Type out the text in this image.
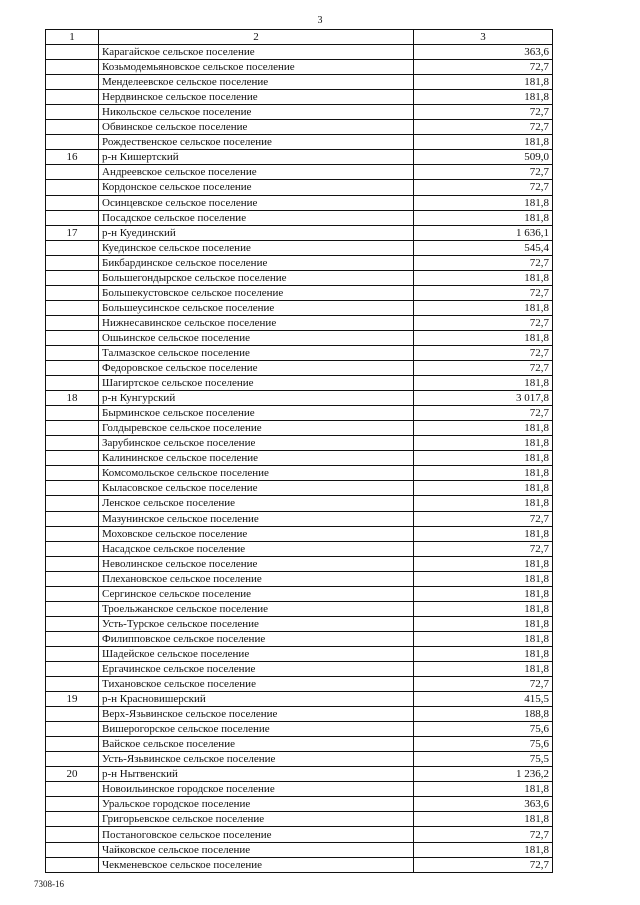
3
1	2	3
	Карагайское сельское поселение	363,6
	Козьмодемьяновское сельское поселение	72,7
	Менделеевское сельское поселение	181,8
	Нердвинское сельское поселение	181,8
	Никольское сельское поселение	72,7
	Обвинское сельское поселение	72,7
	Рождественское сельское поселение	181,8
16	р-н Кишертский	509,0
	Андреевское сельское поселение	72,7
	Кордонское сельское поселение	72,7
	Осинцевское сельское поселение	181,8
	Посадское сельское поселение	181,8
17	р-н Куединский	1 636,1
	Куединское сельское поселение	545,4
	Бикбардинское сельское поселение	72,7
	Большегондырское сельское поселение	181,8
	Большекустовское сельское поселение	72,7
	Большеусинское сельское поселение	181,8
	Нижнесавинское сельское поселение	72,7
	Ошьинское сельское поселение	181,8
	Талмазское сельское поселение	72,7
	Федоровское сельское поселение	72,7
	Шагиртское сельское поселение	181,8
18	р-н Кунгурский	3 017,8
	Бырминское сельское поселение	72,7
	Голдыревское сельское поселение	181,8
	Зарубинское сельское поселение	181,8
	Калининское сельское поселение	181,8
	Комсомольское сельское поселение	181,8
	Кыласовское сельское поселение	181,8
	Ленское сельское поселение	181,8
	Мазунинское сельское поселение	72,7
	Моховское сельское поселение	181,8
	Насадское сельское поселение	72,7
	Неволинское сельское поселение	181,8
	Плехановское сельское поселение	181,8
	Сергинское сельское поселение	181,8
	Троельжанское сельское поселение	181,8
	Усть-Турское сельское поселение	181,8
	Филипповское сельское поселение	181,8
	Шадейское сельское поселение	181,8
	Ергачинское сельское поселение	181,8
	Тихановское сельское поселение	72,7
19	р-н Красновишерский	415,5
	Верх-Язьвинское сельское поселение	188,8
	Вишерогорское сельское поселение	75,6
	Вайское сельское поселение	75,6
	Усть-Язьвинское сельское поселение	75,5
20	р-н Нытвенский	1 236,2
	Новоильинское городское поселение	181,8
	Уральское городское поселение	363,6
	Григорьевское сельское поселение	181,8
	Постаноговское сельское поселение	72,7
	Чайковское сельское поселение	181,8
	Чекменевское сельское поселение	72,7
7308-16
